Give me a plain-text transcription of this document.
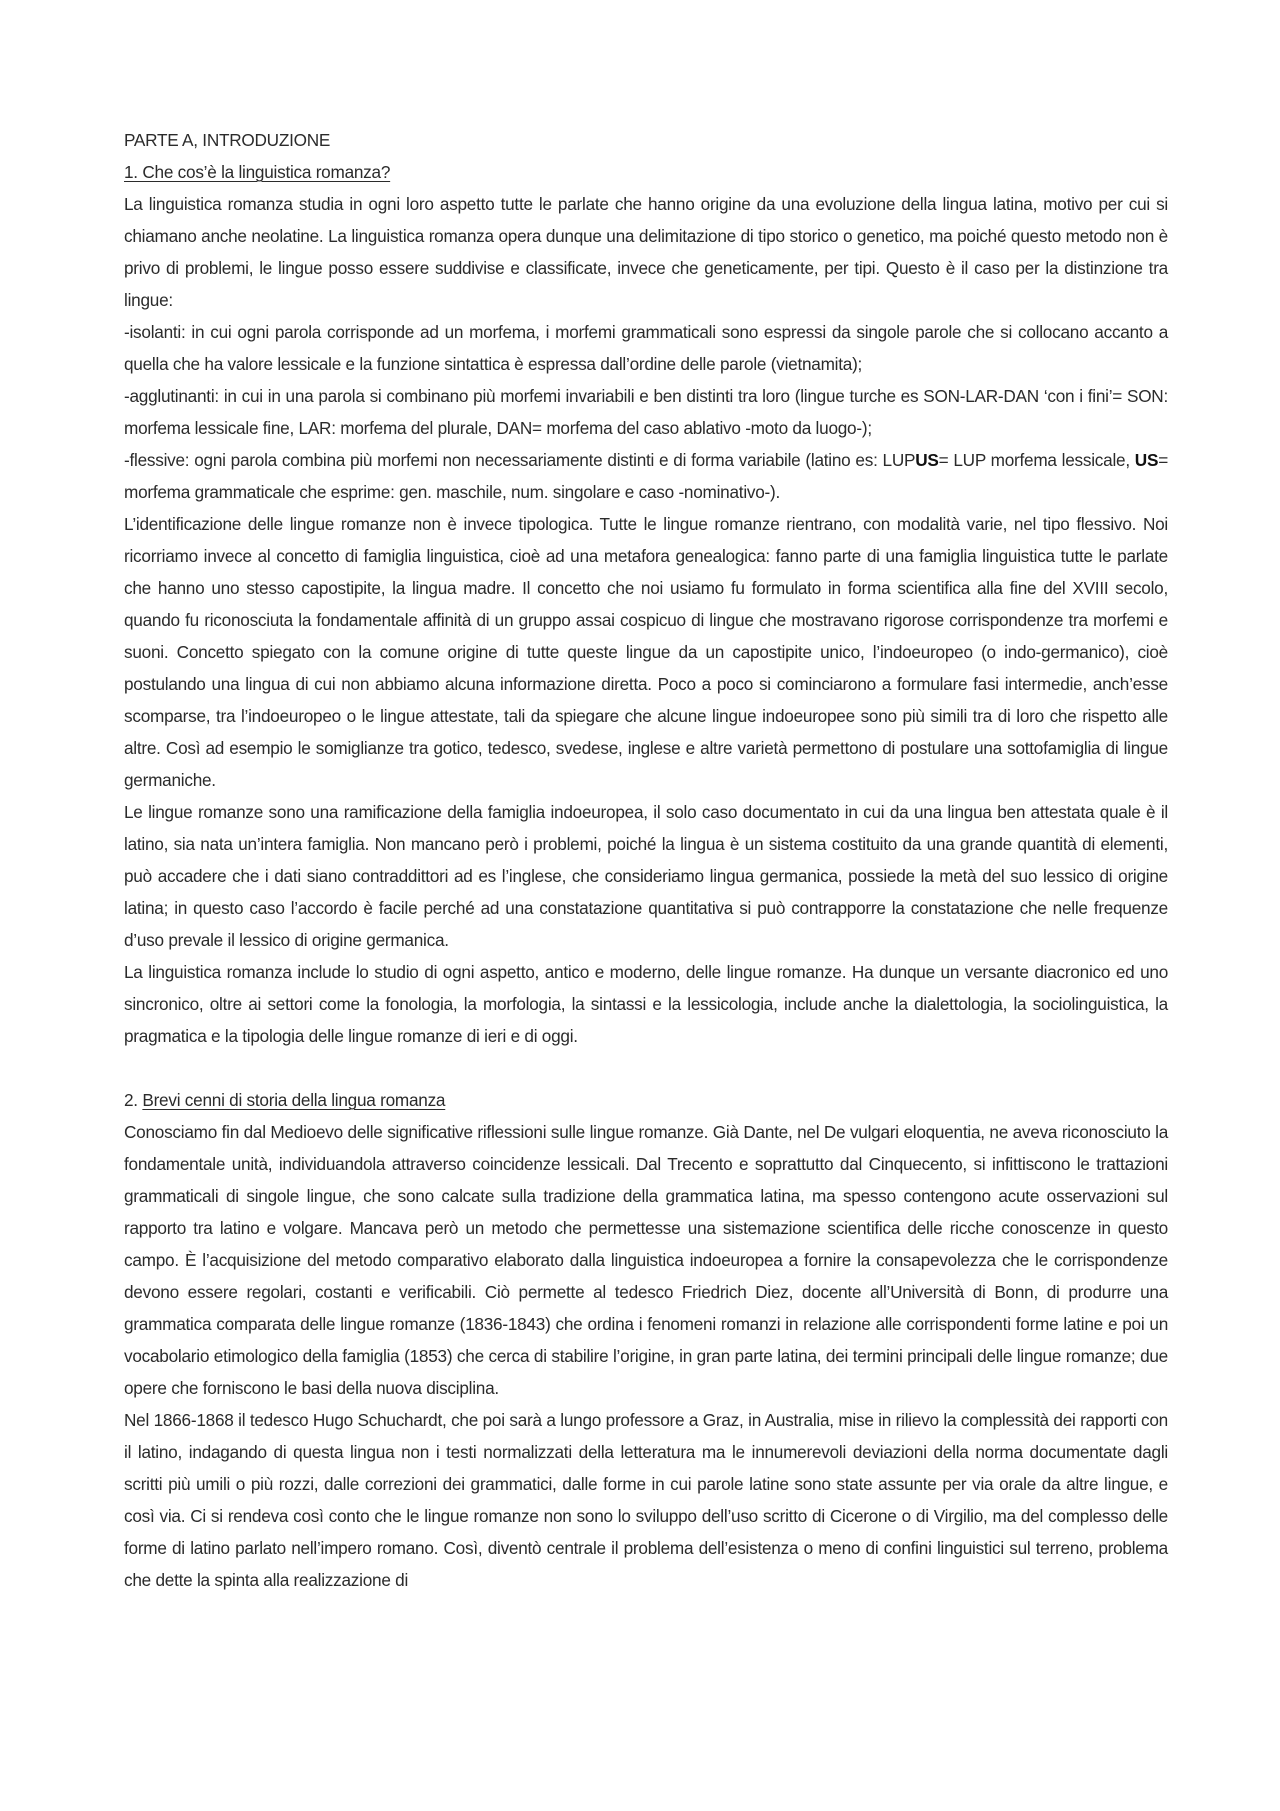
PARTE A, INTRODUZIONE
1. Che cos’è la linguistica romanza?

La linguistica romanza studia in ogni loro aspetto tutte le parlate che hanno origine da una evoluzione della lingua latina, motivo per cui si chiamano anche neolatine. La linguistica romanza opera dunque una delimitazione di tipo storico o genetico, ma poiché questo metodo non è privo di problemi, le lingue posso essere suddivise e classificate, invece che geneticamente, per tipi. Questo è il caso per la distinzione tra lingue:

-isolanti: in cui ogni parola corrisponde ad un morfema, i morfemi grammaticali sono espressi da singole parole che si collocano accanto a quella che ha valore lessicale e la funzione sintattica è espressa dall’ordine delle parole (vietnamita);

-agglutinanti: in cui in una parola si combinano più morfemi invariabili e ben distinti tra loro (lingue turche es SON-LAR-DAN ‘con i fini’= SON: morfema lessicale fine, LAR: morfema del plurale, DAN= morfema del caso ablativo -moto da luogo-);

-flessive: ogni parola combina più morfemi non necessariamente distinti e di forma variabile (latino es: LUPUS= LUP morfema lessicale, US= morfema grammaticale che esprime: gen. maschile, num. singolare e caso -nominativo-).

L’identificazione delle lingue romanze non è invece tipologica. Tutte le lingue romanze rientrano, con modalità varie, nel tipo flessivo. Noi ricorriamo invece al concetto di famiglia linguistica, cioè ad una metafora genealogica: fanno parte di una famiglia linguistica tutte le parlate che hanno uno stesso capostipite, la lingua madre. Il concetto che noi usiamo fu formulato in forma scientifica alla fine del XVIII secolo, quando fu riconosciuta la fondamentale affinità di un gruppo assai cospicuo di lingue che mostravano rigorose corrispondenze tra morfemi e suoni. Concetto spiegato con la comune origine di tutte queste lingue da un capostipite unico, l’indoeuropeo (o indo-germanico), cioè postulando una lingua di cui non abbiamo alcuna informazione diretta. Poco a poco si cominciarono a formulare fasi intermedie, anch’esse scomparse, tra l’indoeuropeo o le lingue attestate, tali da spiegare che alcune lingue indoeuropee sono più simili tra di loro che rispetto alle altre. Così ad esempio le somiglianze tra gotico, tedesco, svedese, inglese e altre varietà permettono di postulare una sottofamiglia di lingue germaniche.

Le lingue romanze sono una ramificazione della famiglia indoeuropea, il solo caso documentato in cui da una lingua ben attestata quale è il latino, sia nata un’intera famiglia. Non mancano però i problemi, poiché la lingua è un sistema costituito da una grande quantità di elementi, può accadere che i dati siano contraddittori ad es l’inglese, che consideriamo lingua germanica, possiede la metà del suo lessico di origine latina; in questo caso l’accordo è facile perché ad una constatazione quantitativa si può contrapporre la constatazione che nelle frequenze d’uso prevale il lessico di origine germanica.

La linguistica romanza include lo studio di ogni aspetto, antico e moderno, delle lingue romanze. Ha dunque un versante diacronico ed uno sincronico, oltre ai settori come la fonologia, la morfologia, la sintassi e la lessicologia, include anche la dialettologia, la sociolinguistica, la pragmatica e la tipologia delle lingue romanze di ieri e di oggi.

2. Brevi cenni di storia della lingua romanza

Conosciamo fin dal Medioevo delle significative riflessioni sulle lingue romanze. Già Dante, nel De vulgari eloquentia, ne aveva riconosciuto la fondamentale unità, individuandola attraverso coincidenze lessicali. Dal Trecento e soprattutto dal Cinquecento, si infittiscono le trattazioni grammaticali di singole lingue, che sono calcate sulla tradizione della grammatica latina, ma spesso contengono acute osservazioni sul rapporto tra latino e volgare. Mancava però un metodo che permettesse una sistemazione scientifica delle ricche conoscenze in questo campo. È l’acquisizione del metodo comparativo elaborato dalla linguistica indoeuropea a fornire la consapevolezza che le corrispondenze devono essere regolari, costanti e verificabili. Ciò permette al tedesco Friedrich Diez, docente all’Università di Bonn, di produrre una grammatica comparata delle lingue romanze (1836-1843) che ordina i fenomeni romanzi in relazione alle corrispondenti forme latine e poi un vocabolario etimologico della famiglia (1853) che cerca di stabilire l’origine, in gran parte latina, dei termini principali delle lingue romanze; due opere che forniscono le basi della nuova disciplina.

Nel 1866-1868 il tedesco Hugo Schuchardt, che poi sarà a lungo professore a Graz, in Australia, mise in rilievo la complessità dei rapporti con il latino, indagando di questa lingua non i testi normalizzati della letteratura ma le innumerevoli deviazioni della norma documentate dagli scritti più umili o più rozzi, dalle correzioni dei grammatici, dalle forme in cui parole latine sono state assunte per via orale da altre lingue, e così via. Ci si rendeva così conto che le lingue romanze non sono lo sviluppo dell’uso scritto di Cicerone o di Virgilio, ma del complesso delle forme di latino parlato nell’impero romano. Così, diventò centrale il problema dell’esistenza o meno di confini linguistici sul terreno, problema che dette la spinta alla realizzazione di
